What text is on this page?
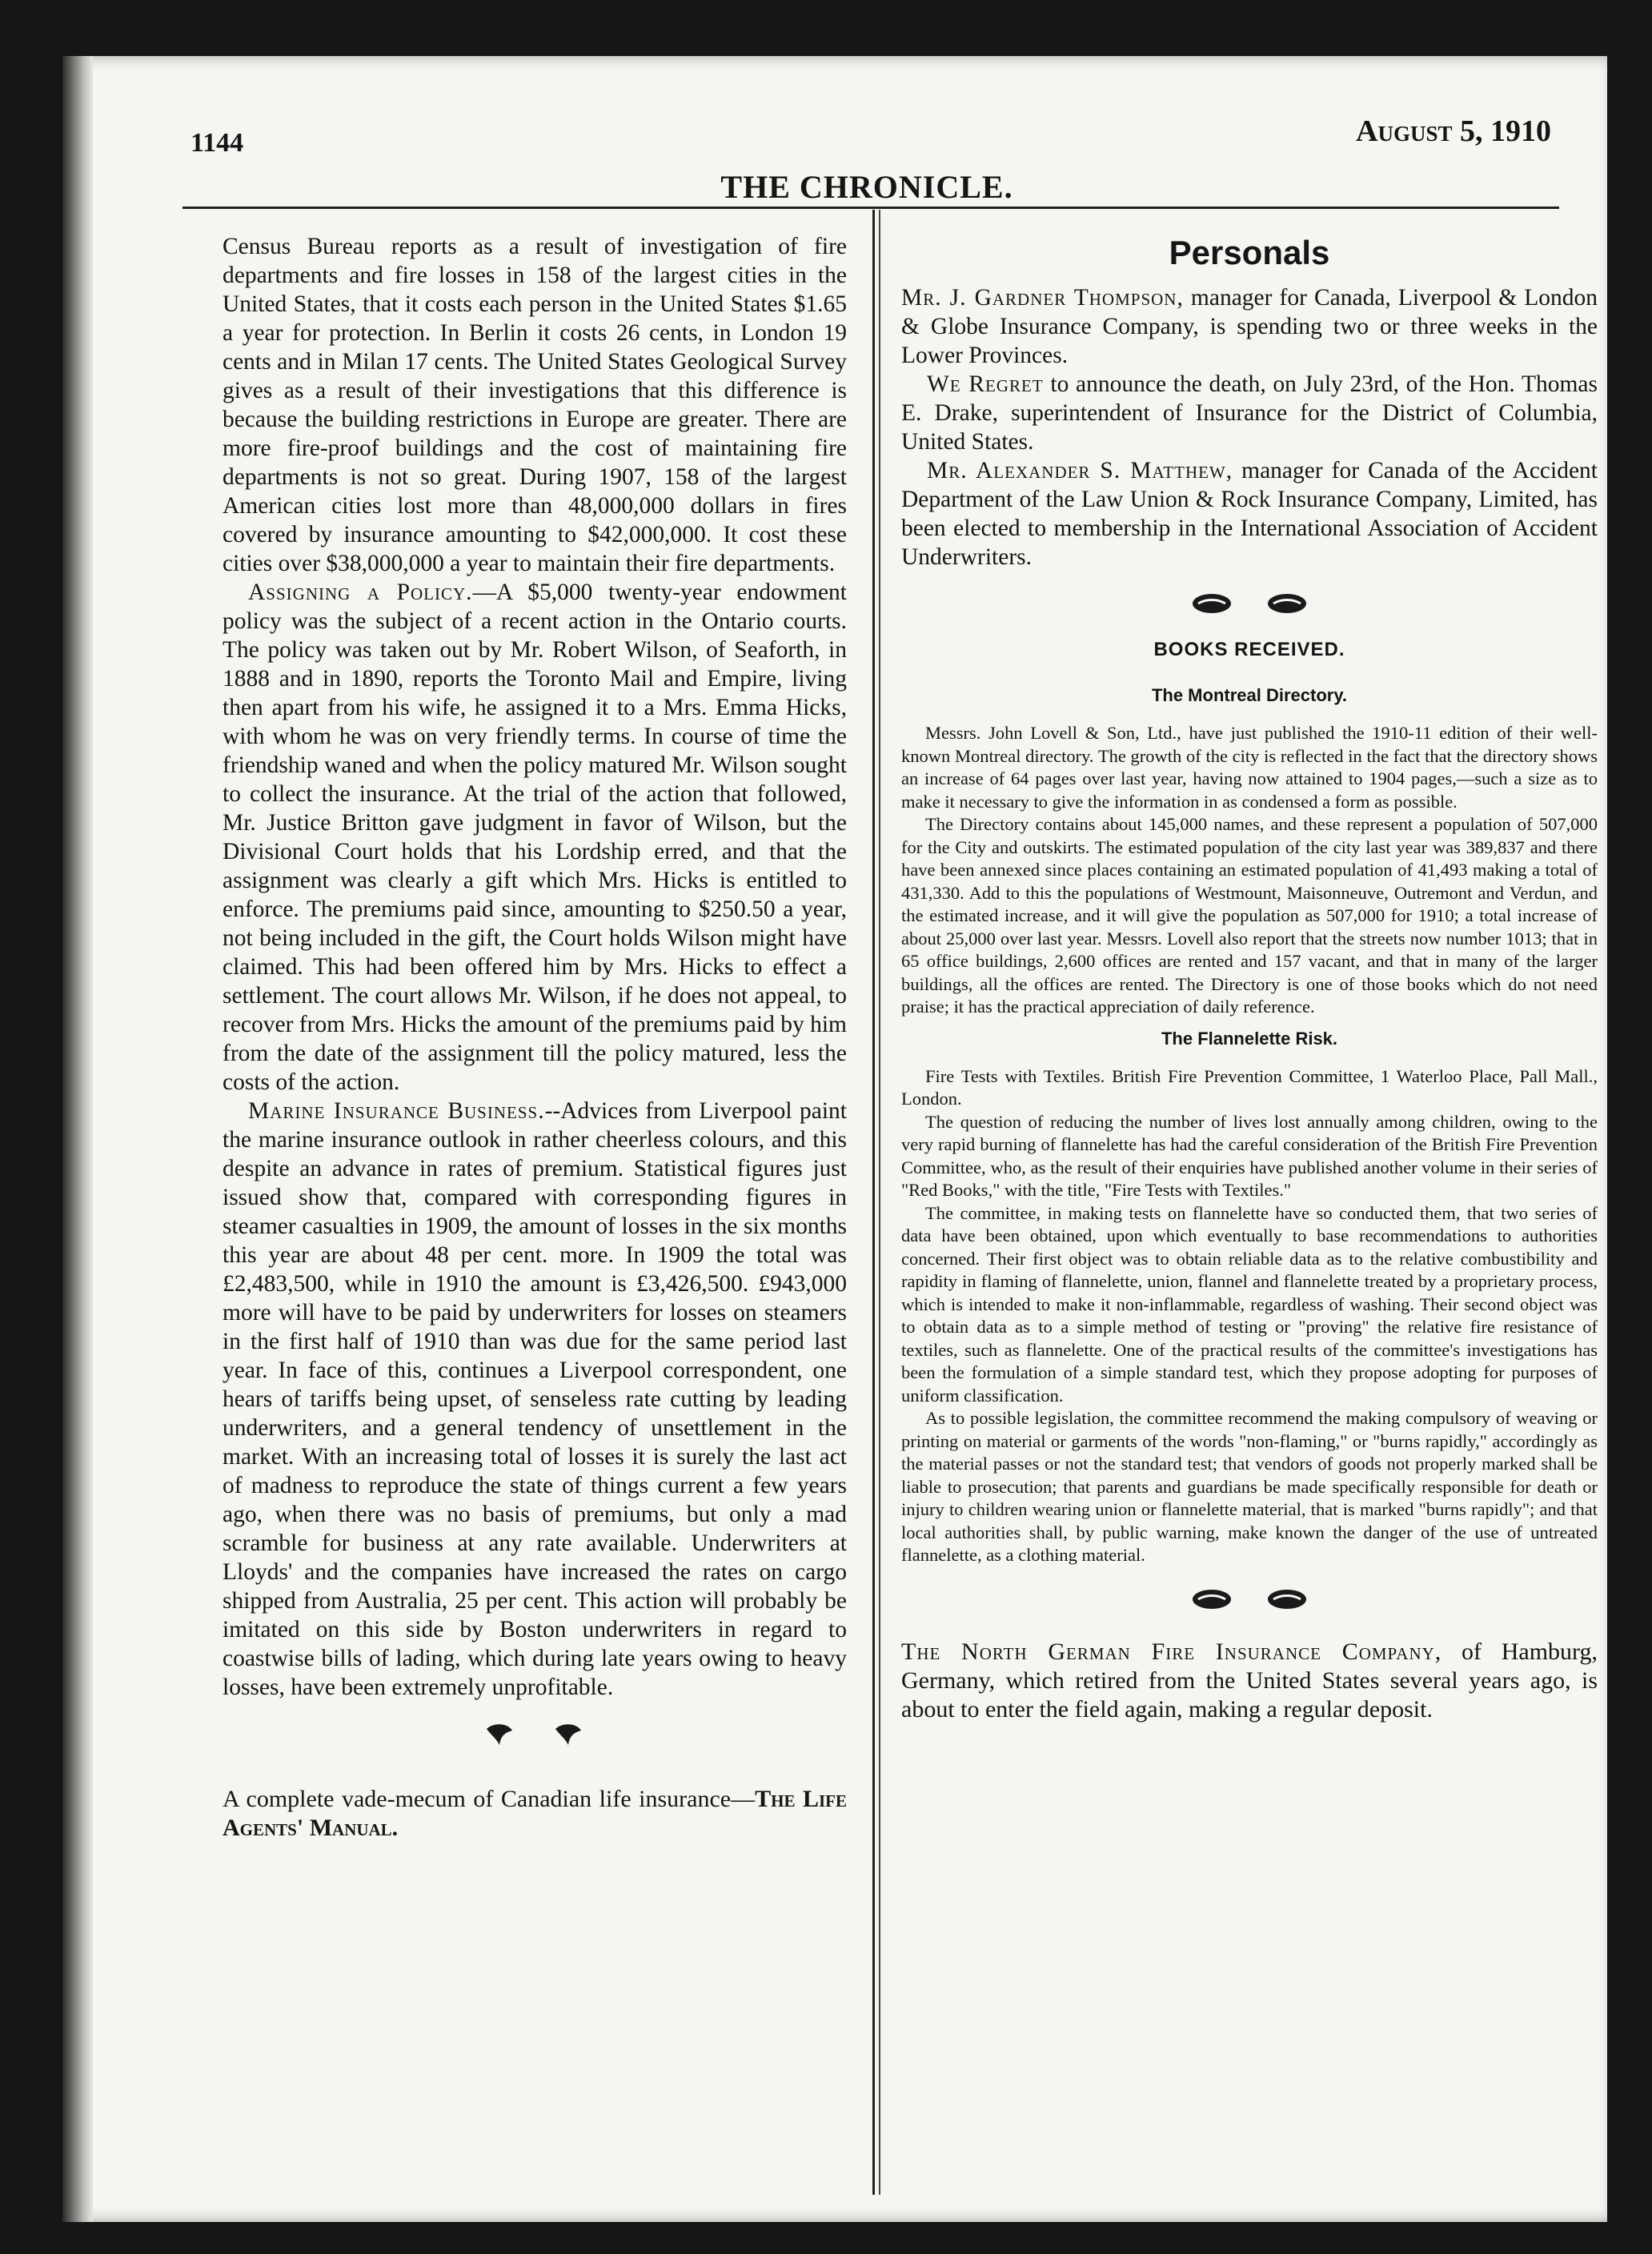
1144
THE CHRONICLE.
August 5, 1910

Census Bureau reports as a result of investigation of fire departments and fire losses in 158 of the largest cities in the United States, that it costs each person in the United States $1.65 a year for protection. In Berlin it costs 26 cents, in London 19 cents and in Milan 17 cents. The United States Geological Survey gives as a result of their investigations that this difference is because the building restrictions in Europe are greater. There are more fire-proof buildings and the cost of maintaining fire departments is not so great. During 1907, 158 of the largest American cities lost more than 48,000,000 dollars in fires covered by insurance amounting to $42,000,000. It cost these cities over $38,000,000 a year to maintain their fire departments.

Assigning a Policy.—A $5,000 twenty-year endowment policy was the subject of a recent action in the Ontario courts. The policy was taken out by Mr. Robert Wilson, of Seaforth, in 1888 and in 1890, reports the Toronto Mail and Empire, living then apart from his wife, he assigned it to a Mrs. Emma Hicks, with whom he was on very friendly terms. In course of time the friendship waned and when the policy matured Mr. Wilson sought to collect the insurance. At the trial of the action that followed, Mr. Justice Britton gave judgment in favor of Wilson, but the Divisional Court holds that his Lordship erred, and that the assignment was clearly a gift which Mrs. Hicks is entitled to enforce. The premiums paid since, amounting to $250.50 a year, not being included in the gift, the Court holds Wilson might have claimed. This had been offered him by Mrs. Hicks to effect a settlement. The court allows Mr. Wilson, if he does not appeal, to recover from Mrs. Hicks the amount of the premiums paid by him from the date of the assignment till the policy matured, less the costs of the action.

Marine Insurance Business.--Advices from Liverpool paint the marine insurance outlook in rather cheerless colours, and this despite an advance in rates of premium. Statistical figures just issued show that, compared with corresponding figures in steamer casualties in 1909, the amount of losses in the six months this year are about 48 per cent. more. In 1909 the total was £2,483,500, while in 1910 the amount is £3,426,500. £943,000 more will have to be paid by underwriters for losses on steamers in the first half of 1910 than was due for the same period last year. In face of this, continues a Liverpool correspondent, one hears of tariffs being upset, of senseless rate cutting by leading underwriters, and a general tendency of unsettlement in the market. With an increasing total of losses it is surely the last act of madness to reproduce the state of things current a few years ago, when there was no basis of premiums, but only a mad scramble for business at any rate available. Underwriters at Lloyds' and the companies have increased the rates on cargo shipped from Australia, 25 per cent. This action will probably be imitated on this side by Boston underwriters in regard to coastwise bills of lading, which during late years owing to heavy losses, have been extremely unprofitable.

A complete vade-mecum of Canadian life insurance—The Life Agents' Manual.

Personals

Mr. J. Gardner Thompson, manager for Canada, Liverpool & London & Globe Insurance Company, is spending two or three weeks in the Lower Provinces.

We Regret to announce the death, on July 23rd, of the Hon. Thomas E. Drake, superintendent of Insurance for the District of Columbia, United States.

Mr. Alexander S. Matthew, manager for Canada of the Accident Department of the Law Union & Rock Insurance Company, Limited, has been elected to membership in the International Association of Accident Underwriters.

BOOKS RECEIVED.
The Montreal Directory.

Messrs. John Lovell & Son, Ltd., have just published the 1910-11 edition of their well-known Montreal directory. The growth of the city is reflected in the fact that the directory shows an increase of 64 pages over last year, having now attained to 1904 pages,—such a size as to make it necessary to give the information in as condensed a form as possible.

The Directory contains about 145,000 names, and these represent a population of 507,000 for the City and outskirts. The estimated population of the city last year was 389,837 and there have been annexed since places containing an estimated population of 41,493 making a total of 431,330. Add to this the populations of Westmount, Maisonneuve, Outremont and Verdun, and the estimated increase, and it will give the population as 507,000 for 1910; a total increase of about 25,000 over last year. Messrs. Lovell also report that the streets now number 1013; that in 65 office buildings, 2,600 offices are rented and 157 vacant, and that in many of the larger buildings, all the offices are rented. The Directory is one of those books which do not need praise; it has the practical appreciation of daily reference.

The Flannelette Risk.

Fire Tests with Textiles. British Fire Prevention Committee, 1 Waterloo Place, Pall Mall., London.

The question of reducing the number of lives lost annually among children, owing to the very rapid burning of flannelette has had the careful consideration of the British Fire Prevention Committee, who, as the result of their enquiries have published another volume in their series of "Red Books," with the title, "Fire Tests with Textiles."

The committee, in making tests on flannelette have so conducted them, that two series of data have been obtained, upon which eventually to base recommendations to authorities concerned. Their first object was to obtain reliable data as to the relative combustibility and rapidity in flaming of flannelette, union, flannel and flannelette treated by a proprietary process, which is intended to make it non-inflammable, regardless of washing. Their second object was to obtain data as to a simple method of testing or "proving" the relative fire resistance of textiles, such as flannelette. One of the practical results of the committee's investigations has been the formulation of a simple standard test, which they propose adopting for purposes of uniform classification.

As to possible legislation, the committee recommend the making compulsory of weaving or printing on material or garments of the words "non-flaming," or "burns rapidly," accordingly as the material passes or not the standard test; that vendors of goods not properly marked shall be liable to prosecution; that parents and guardians be made specifically responsible for death or injury to children wearing union or flannelette material, that is marked "burns rapidly"; and that local authorities shall, by public warning, make known the danger of the use of untreated flannelette, as a clothing material.

The North German Fire Insurance Company, of Hamburg, Germany, which retired from the United States several years ago, is about to enter the field again, making a regular deposit.
